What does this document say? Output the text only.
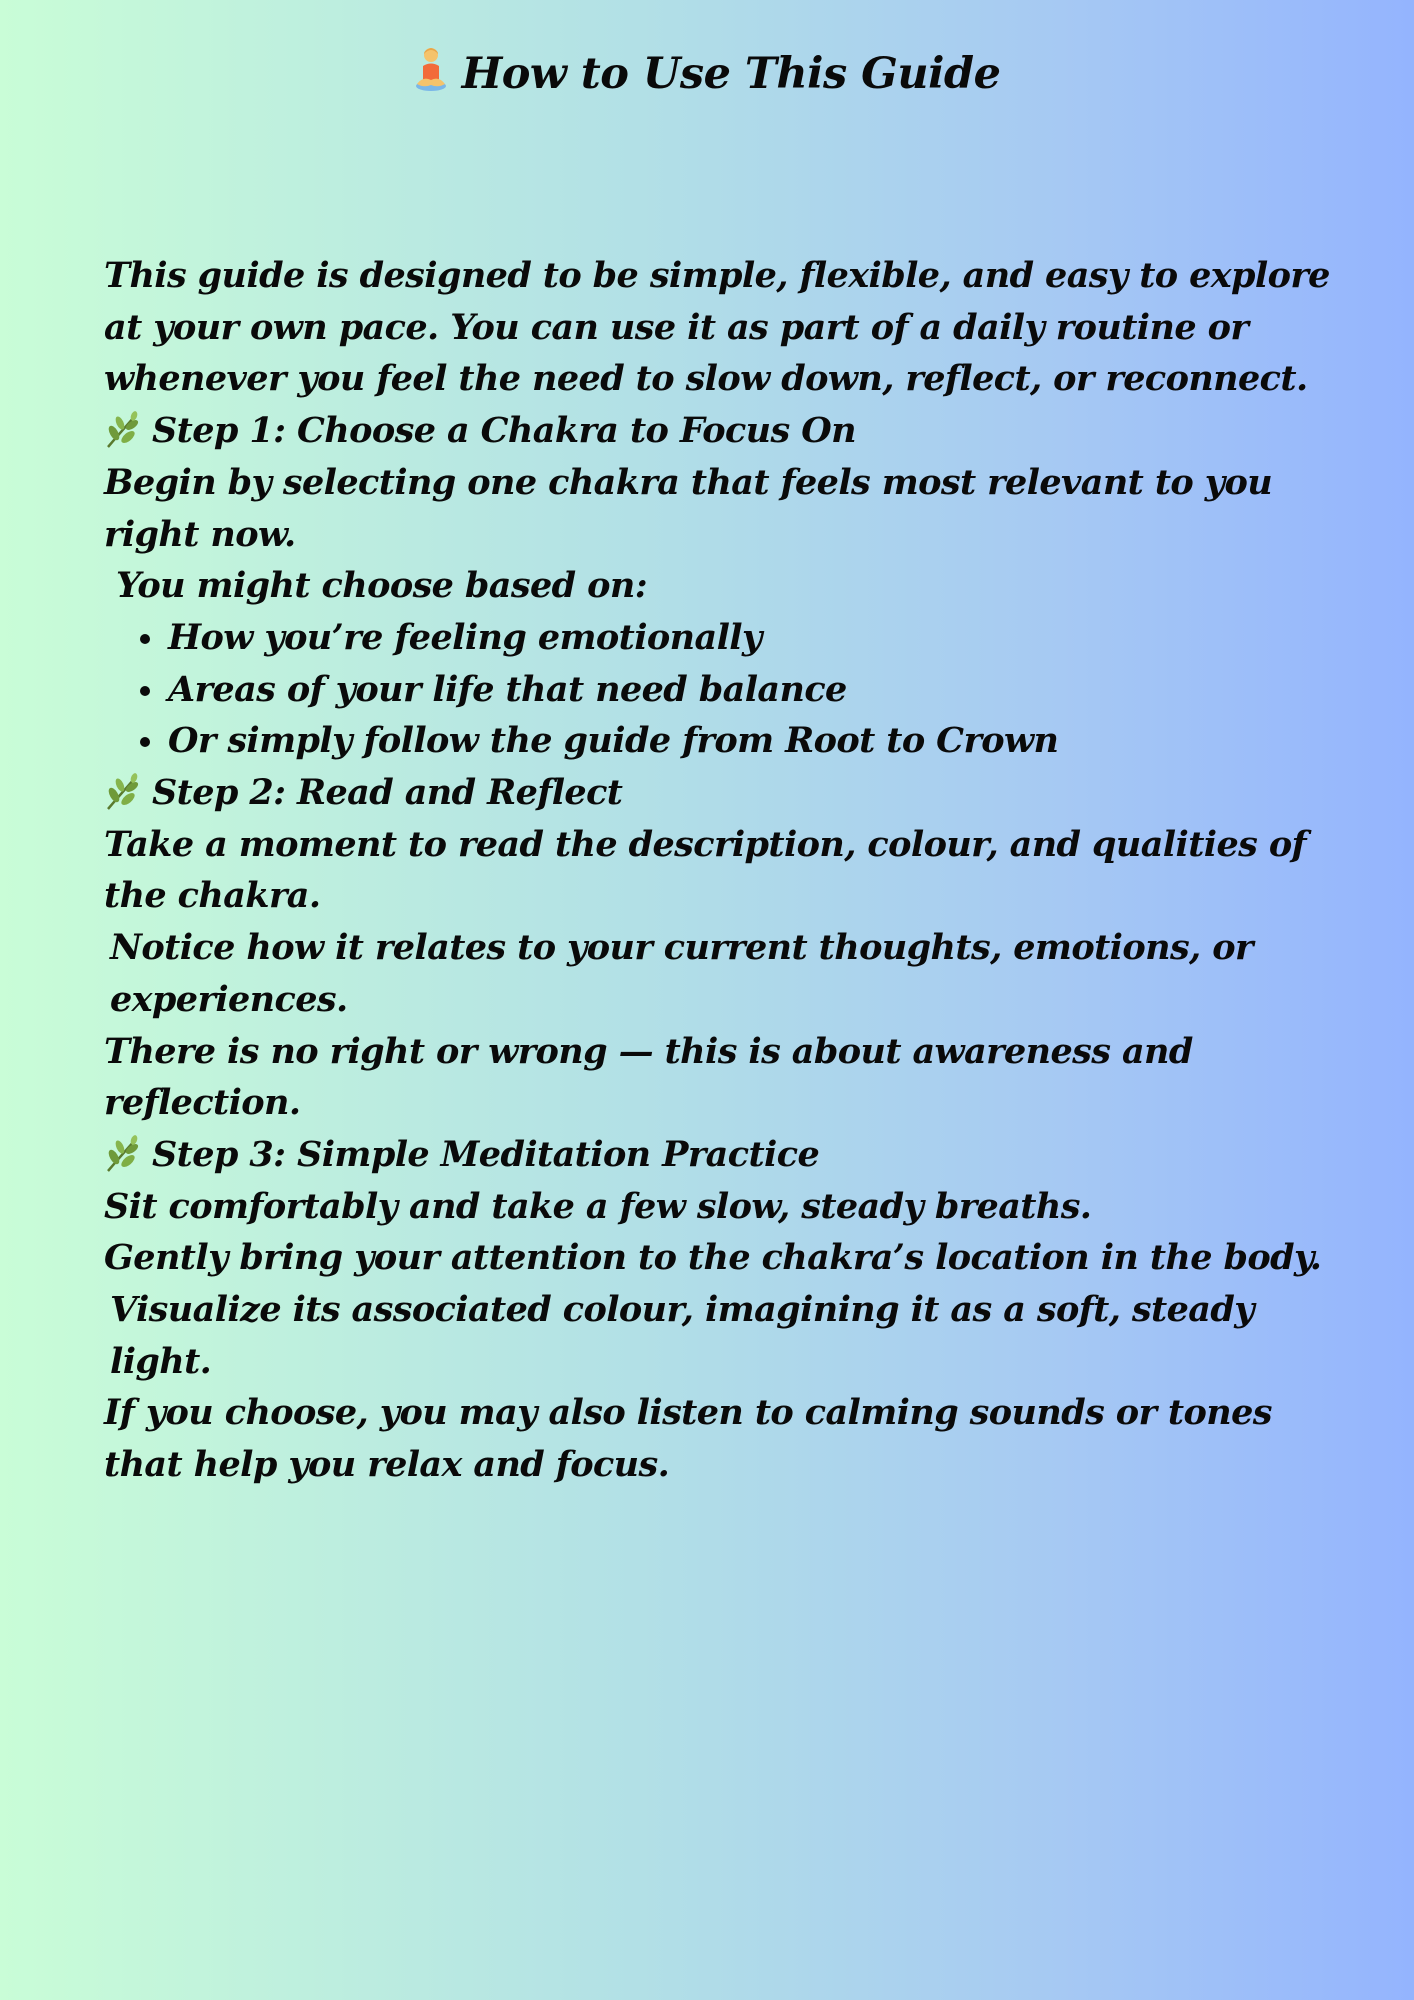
How to Use This Guide

This guide is designed to be simple, flexible, and easy to explore at your own pace. You can use it as part of a daily routine or whenever you feel the need to slow down, reflect, or reconnect.

Step 1: Choose a Chakra to Focus On

Begin by selecting one chakra that feels most relevant to you right now.

You might choose based on:

How you’re feeling emotionally
Areas of your life that need balance
Or simply follow the guide from Root to Crown
Step 2: Read and Reflect

Take a moment to read the description, colour, and qualities of the chakra.

Notice how it relates to your current thoughts, emotions, or experiences.

There is no right or wrong — this is about awareness and reflection.

Step 3: Simple Meditation Practice

Sit comfortably and take a few slow, steady breaths.

Gently bring your attention to the chakra’s location in the body.

Visualize its associated colour, imagining it as a soft, steady light.

If you choose, you may also listen to calming sounds or tones that help you relax and focus.
